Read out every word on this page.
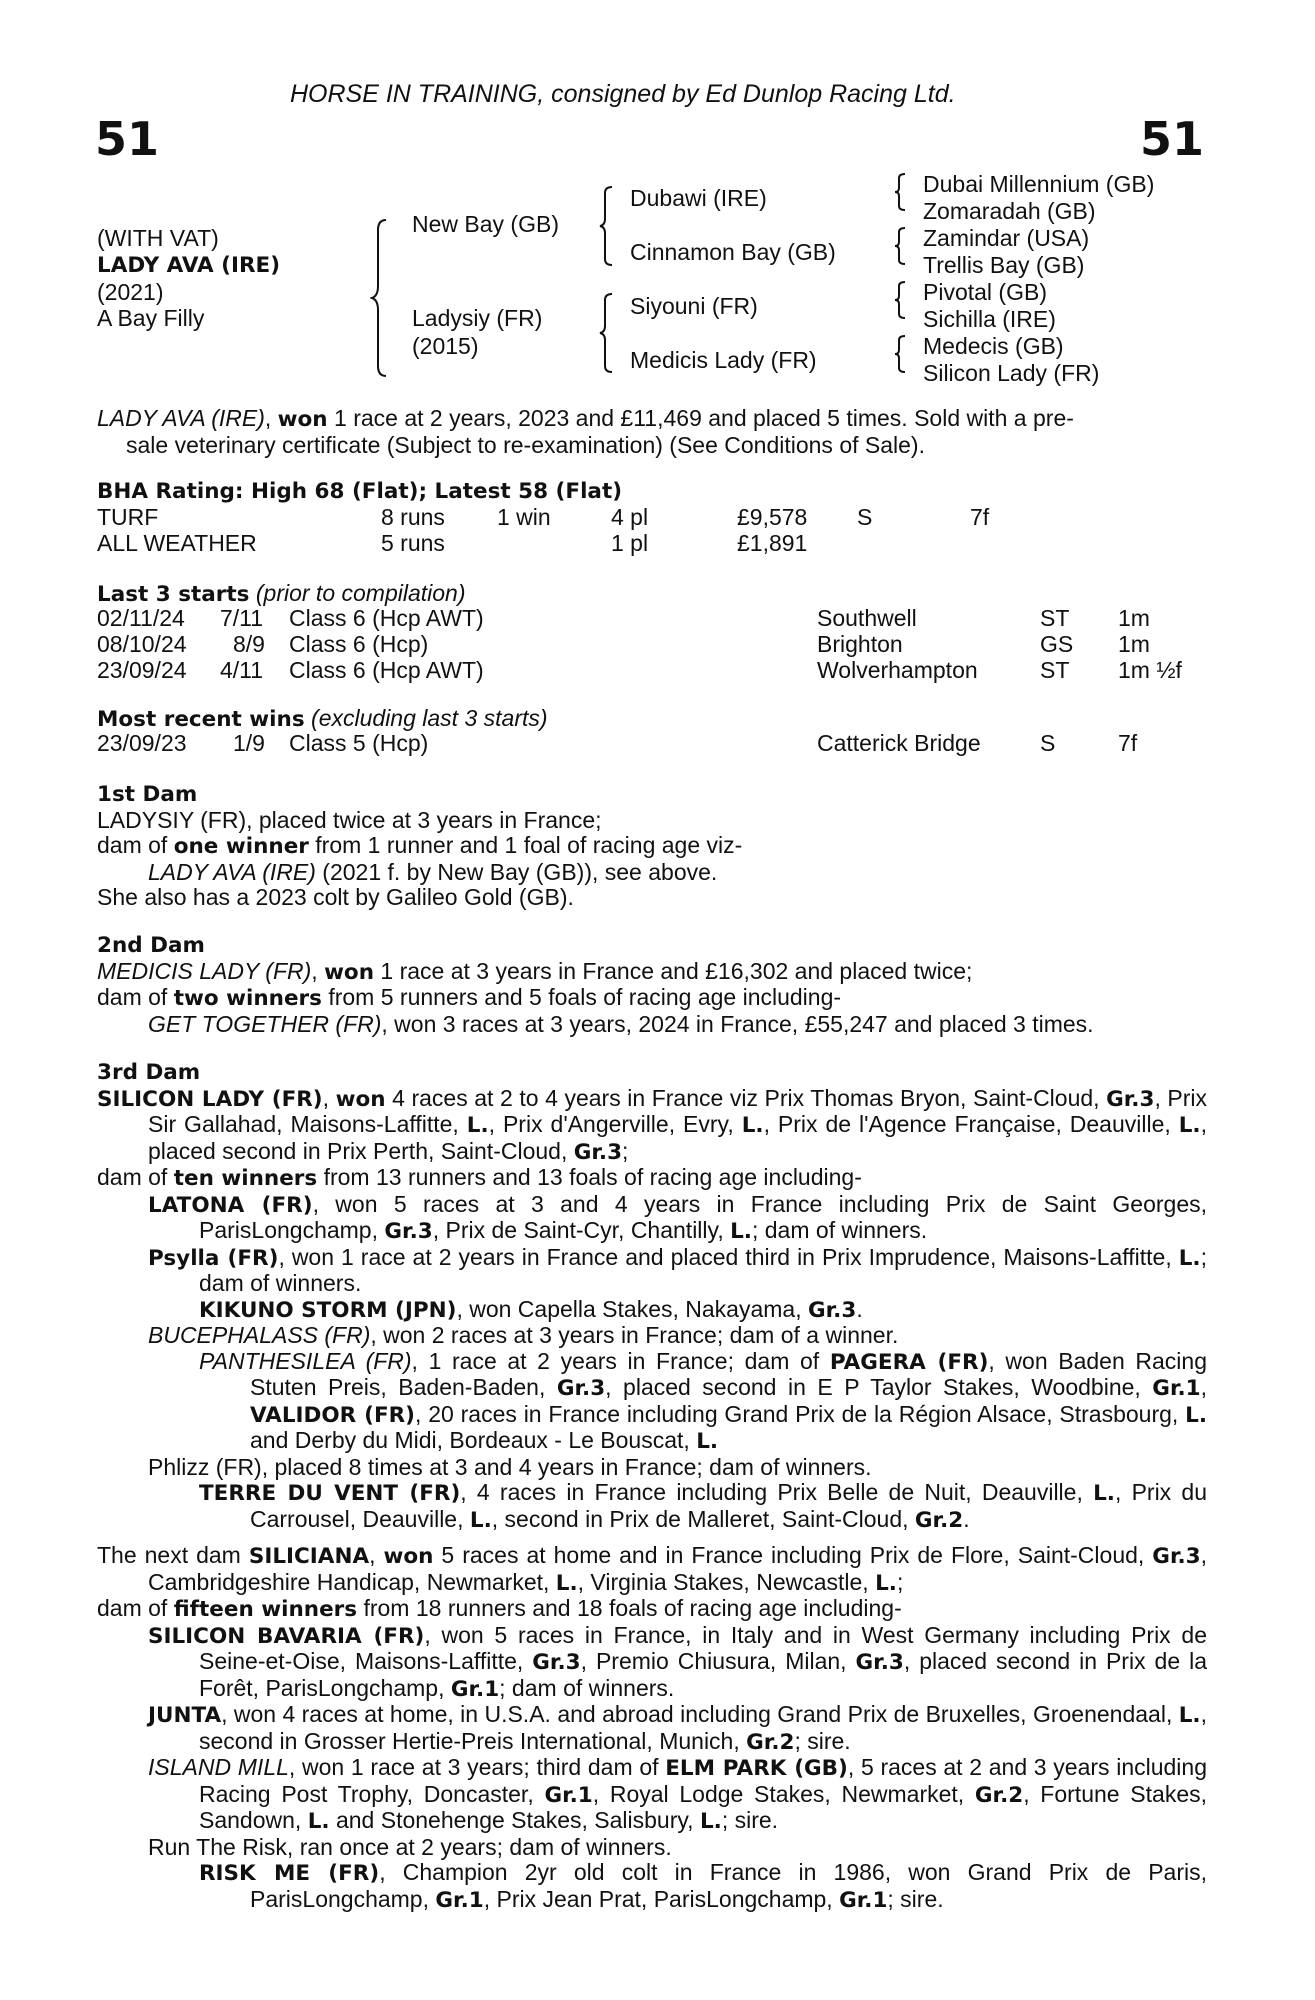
HORSE IN TRAINING, consigned by Ed Dunlop Racing Ltd.
51	51
(WITH VAT)
LADY AVA (IRE)
(2021)
A Bay Filly
New Bay (GB)
Ladysiy (FR)
(2015)
Dubawi (IRE)
Cinnamon Bay (GB)
Siyouni (FR)
Medicis Lady (FR)
Dubai Millennium (GB)
Zomaradah (GB)
Zamindar (USA)
Trellis Bay (GB)
Pivotal (GB)
Sichilla (IRE)
Medecis (GB)
Silicon Lady (FR)
LADY AVA (IRE), won 1 race at 2 years, 2023 and £11,469 and placed 5 times. Sold with a pre-
sale veterinary certificate (Subject to re-examination) (See Conditions of Sale).
BHA Rating: High 68 (Flat); Latest 58 (Flat)
TURF	8 runs 1 win	4 pl	£9,578 S	7f
ALL WEATHER	5 runs	1 pl	£1,891
Last 3 starts (prior to compilation)
02/11/24 7/11 Class 6 (Hcp AWT)	Southwell	ST 1m
08/10/24 8/9 Class 6 (Hcp)	Brighton	GS 1m
23/09/24 4/11 Class 6 (Hcp AWT)	Wolverhampton	ST 1m ½f
Most recent wins (excluding last 3 starts)
23/09/23 1/9 Class 5 (Hcp)	Catterick Bridge	S	7f
1st Dam
LADYSIY (FR), placed twice at 3 years in France;
dam of one winner from 1 runner and 1 foal of racing age viz-
LADY AVA (IRE) (2021 f. by New Bay (GB)), see above.
She also has a 2023 colt by Galileo Gold (GB).
2nd Dam
MEDICIS LADY (FR), won 1 race at 3 years in France and £16,302 and placed twice;
dam of two winners from 5 runners and 5 foals of racing age including-
GET TOGETHER (FR), won 3 races at 3 years, 2024 in France, £55,247 and placed 3 times.
3rd Dam

SILICON LADY (FR), won 4 races at 2 to 4 years in France viz Prix Thomas Bryon, Saint-Cloud, Gr.3, Prix Sir Gallahad, Maisons-Laffitte, L., Prix d'Angerville, Evry, L., Prix de l'Agence Française, Deauville, L., placed second in Prix Perth, Saint-Cloud, Gr.3;

dam of ten winners from 13 runners and 13 foals of racing age including-

LATONA (FR), won 5 races at 3 and 4 years in France including Prix de Saint Georges, ParisLongchamp, Gr.3, Prix de Saint-Cyr, Chantilly, L.; dam of winners.

Psylla (FR), won 1 race at 2 years in France and placed third in Prix Imprudence, Maisons-Laffitte, L.; dam of winners.

KIKUNO STORM (JPN), won Capella Stakes, Nakayama, Gr.3.

BUCEPHALASS (FR), won 2 races at 3 years in France; dam of a winner.

PANTHESILEA (FR), 1 race at 2 years in France; dam of PAGERA (FR), won Baden Racing Stuten Preis, Baden-Baden, Gr.3, placed second in E P Taylor Stakes, Woodbine, Gr.1, VALIDOR (FR), 20 races in France including Grand Prix de la Région Alsace, Strasbourg, L. and Derby du Midi, Bordeaux - Le Bouscat, L.

Phlizz (FR), placed 8 times at 3 and 4 years in France; dam of winners.

TERRE DU VENT (FR), 4 races in France including Prix Belle de Nuit, Deauville, L., Prix du Carrousel, Deauville, L., second in Prix de Malleret, Saint-Cloud, Gr.2.

The next dam SILICIANA, won 5 races at home and in France including Prix de Flore, Saint-Cloud, Gr.3, Cambridgeshire Handicap, Newmarket, L., Virginia Stakes, Newcastle, L.;

dam of fifteen winners from 18 runners and 18 foals of racing age including-

SILICON BAVARIA (FR), won 5 races in France, in Italy and in West Germany including Prix de Seine-et-Oise, Maisons-Laffitte, Gr.3, Premio Chiusura, Milan, Gr.3, placed second in Prix de la Forêt, ParisLongchamp, Gr.1; dam of winners.

JUNTA, won 4 races at home, in U.S.A. and abroad including Grand Prix de Bruxelles, Groenendaal, L., second in Grosser Hertie-Preis International, Munich, Gr.2; sire.

ISLAND MILL, won 1 race at 3 years; third dam of ELM PARK (GB), 5 races at 2 and 3 years including Racing Post Trophy, Doncaster, Gr.1, Royal Lodge Stakes, Newmarket, Gr.2, Fortune Stakes, Sandown, L. and Stonehenge Stakes, Salisbury, L.; sire.

Run The Risk, ran once at 2 years; dam of winners.

RISK ME (FR), Champion 2yr old colt in France in 1986, won Grand Prix de Paris, ParisLongchamp, Gr.1, Prix Jean Prat, ParisLongchamp, Gr.1; sire.
